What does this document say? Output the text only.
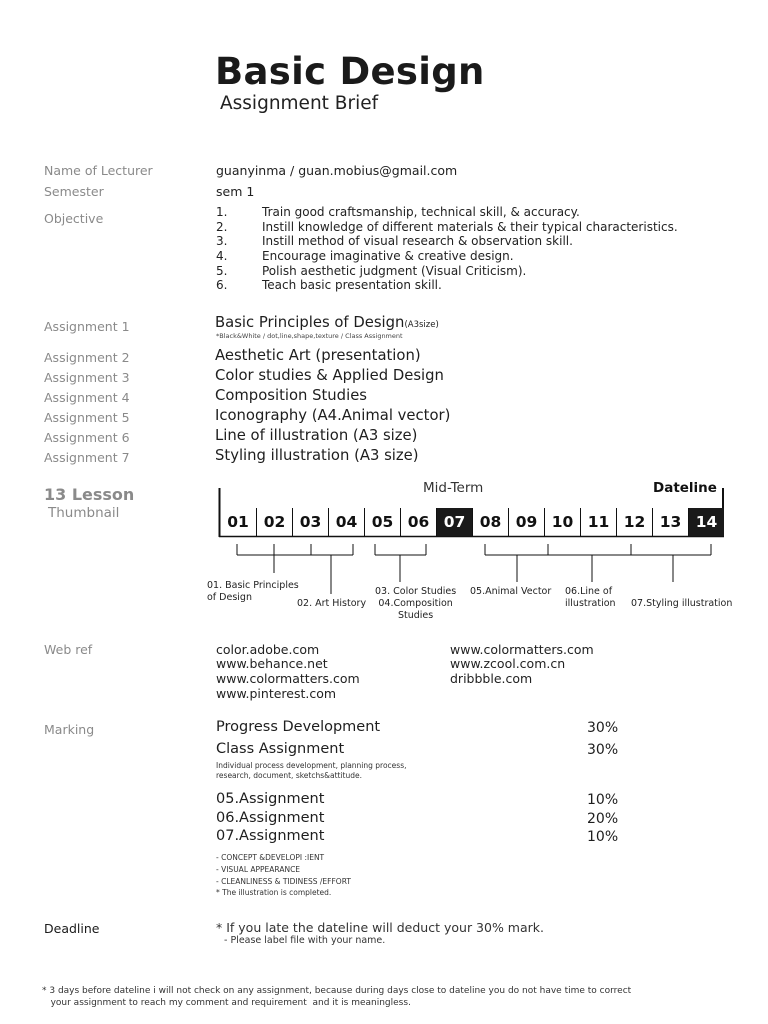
Basic Design
Assignment Brief
Name of Lecturer	guanyinma / guan.mobius@gmail.com
Semester	sem 1
Objective	1.	Train good craftsmanship, technical skill, & accuracy.
2.	Instill knowledge of different materials & their typical characteristics.
3.	Instill method of visual research & observation skill.
4.	Encourage imaginative & creative design.
5.	Polish aesthetic judgment (Visual Criticism).
6.	Teach basic presentation skill.
Assignment 1	Basic Principles of Design(A3size)
*Black&White / dot,line,shape,texture / Class Assignment
Assignment 2	Aesthetic Art (presentation)
Assignment 3	Color studies & Applied Design
Assignment 4	Composition Studies
Assignment 5	Iconography (A4.Animal vector)
Assignment 6	Line of illustration (A3 size)
Assignment 7	Styling illustration (A3 size)
13 Lesson
Thumbnail
Mid-Term	Dateline
01 02 03 04 05 06 07 08 09 10 11 12 13 14
01. Basic Principles
of Design
02. Art History
03. Color Studies
04.Composition
Studies
05.Animal Vector 06.Line of
illustration 07.Styling illustration
Web ref	color.adobe.com
www.behance.net
www.colormatters.com
www.pinterest.com
www.colormatters.com
www.zcool.com.cn
dribbble.com
Marking	Progress Development	30%
Class Assignment	30%
Individual process development, planning process,
research, document, sketchs&attitude.
05.Assignment	10%
06.Assignment	20%
07.Assignment	10%
- CONCEPT &DEVELOPI :IENT
- VISUAL APPEARANCE
- CLEANLINESS & TIDINESS /EFFORT
* The illustration is completed.
Deadline	* If you late the dateline will deduct your 30% mark.
- Please label file with your name.
* 3 days before dateline i will not check on any assignment, because during days close to dateline you do not have time to correct
your assignment to reach my comment and requirement  and it is meaningless.
